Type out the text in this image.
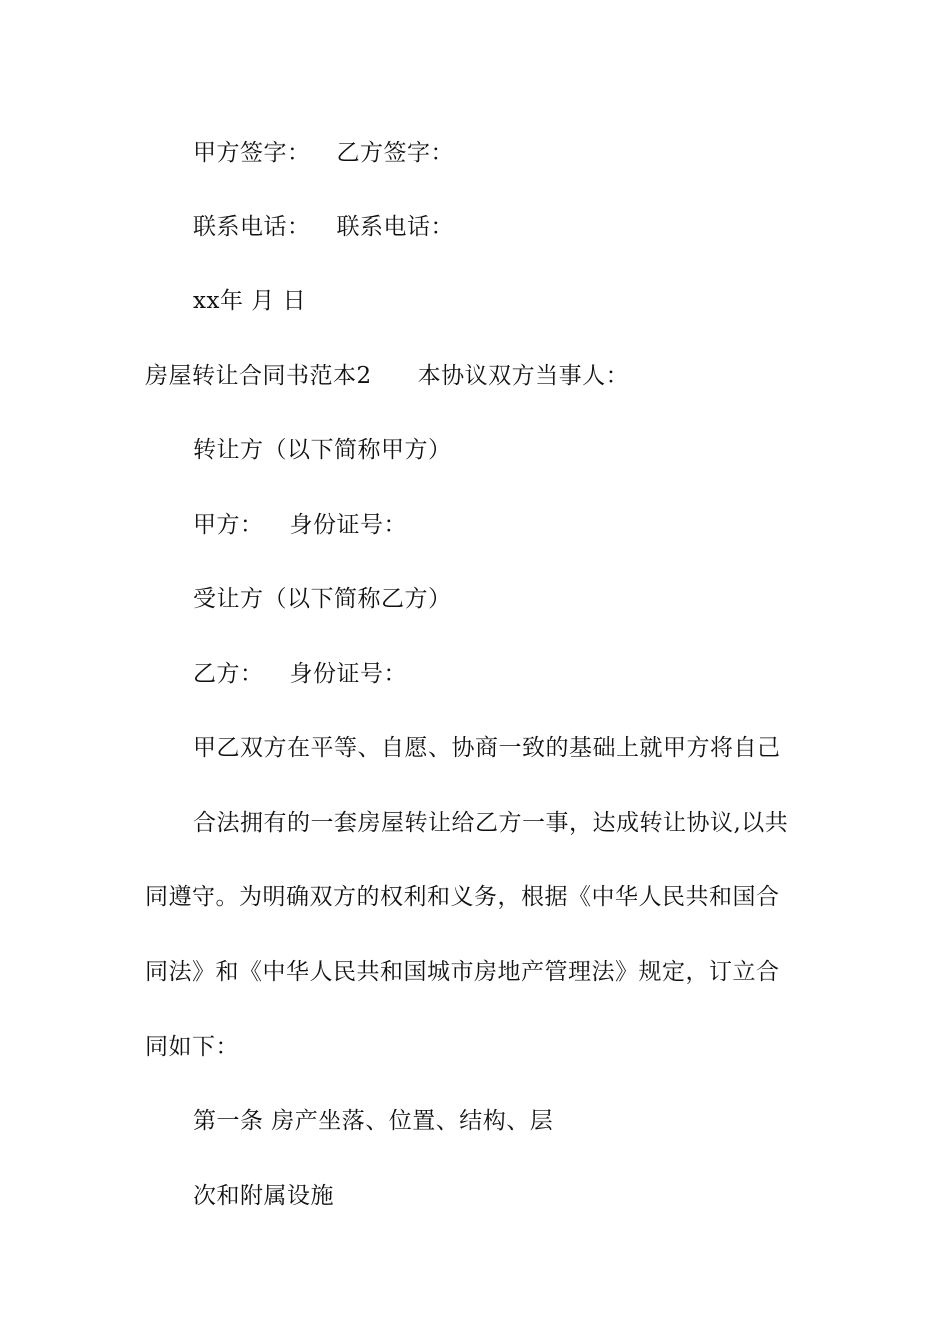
甲方签字： 乙方签字：
联系电话： 联系电话：
xx年 月 日
房屋转让合同书范本2 本协议双方当事人：
转让方（以下简称甲方）
甲方： 身份证号：
受让方（以下简称乙方）
乙方： 身份证号：
甲乙双方在平等、自愿、协商一致的基础上就甲方将自己
合法拥有的一套房屋转让给乙方一事，达成转让协议,以共
同遵守。为明确双方的权利和义务，根据《中华人民共和国合
同法》和《中华人民共和国城市房地产管理法》规定，订立合
同如下：
第一条 房产坐落、位置、结构、层
次和附属设施
